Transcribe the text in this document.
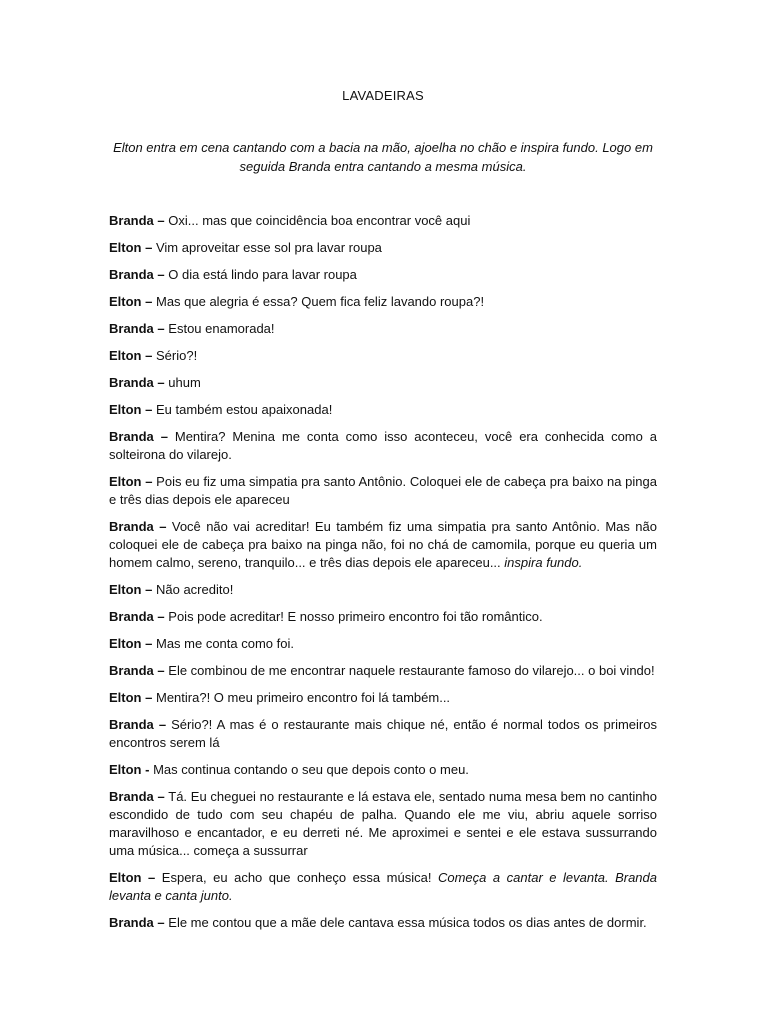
LAVADEIRAS
Elton entra em cena cantando com a bacia na mão, ajoelha no chão e inspira fundo. Logo em seguida Branda entra cantando a mesma música.

Branda – Oxi... mas que coincidência boa encontrar você aqui

Elton – Vim aproveitar esse sol pra lavar roupa

Branda – O dia está lindo para lavar roupa

Elton – Mas que alegria é essa? Quem fica feliz lavando roupa?!

Branda – Estou enamorada!

Elton – Sério?!

Branda – uhum

Elton – Eu também estou apaixonada!

Branda – Mentira? Menina me conta como isso aconteceu, você era conhecida como a solteirona do vilarejo.

Elton – Pois eu fiz uma simpatia pra santo Antônio. Coloquei ele de cabeça pra baixo na pinga e três dias depois ele apareceu

Branda – Você não vai acreditar! Eu também fiz uma simpatia pra santo Antônio. Mas não coloquei ele de cabeça pra baixo na pinga não, foi no chá de camomila, porque eu queria um homem calmo, sereno, tranquilo... e três dias depois ele apareceu... inspira fundo.

Elton – Não acredito!

Branda – Pois pode acreditar! E nosso primeiro encontro foi tão romântico.

Elton – Mas me conta como foi.

Branda – Ele combinou de me encontrar naquele restaurante famoso do vilarejo... o boi vindo!

Elton – Mentira?! O meu primeiro encontro foi lá também...

Branda – Sério?! A mas é o restaurante mais chique né, então é normal todos os primeiros encontros serem lá

Elton - Mas continua contando o seu que depois conto o meu.

Branda – Tá. Eu cheguei no restaurante e lá estava ele, sentado numa mesa bem no cantinho escondido de tudo com seu chapéu de palha. Quando ele me viu, abriu aquele sorriso maravilhoso e encantador, e eu derreti né. Me aproximei e sentei e ele estava sussurrando uma música... começa a sussurrar

Elton – Espera, eu acho que conheço essa música! Começa a cantar e levanta. Branda levanta e canta junto.

Branda – Ele me contou que a mãe dele cantava essa música todos os dias antes de dormir.
